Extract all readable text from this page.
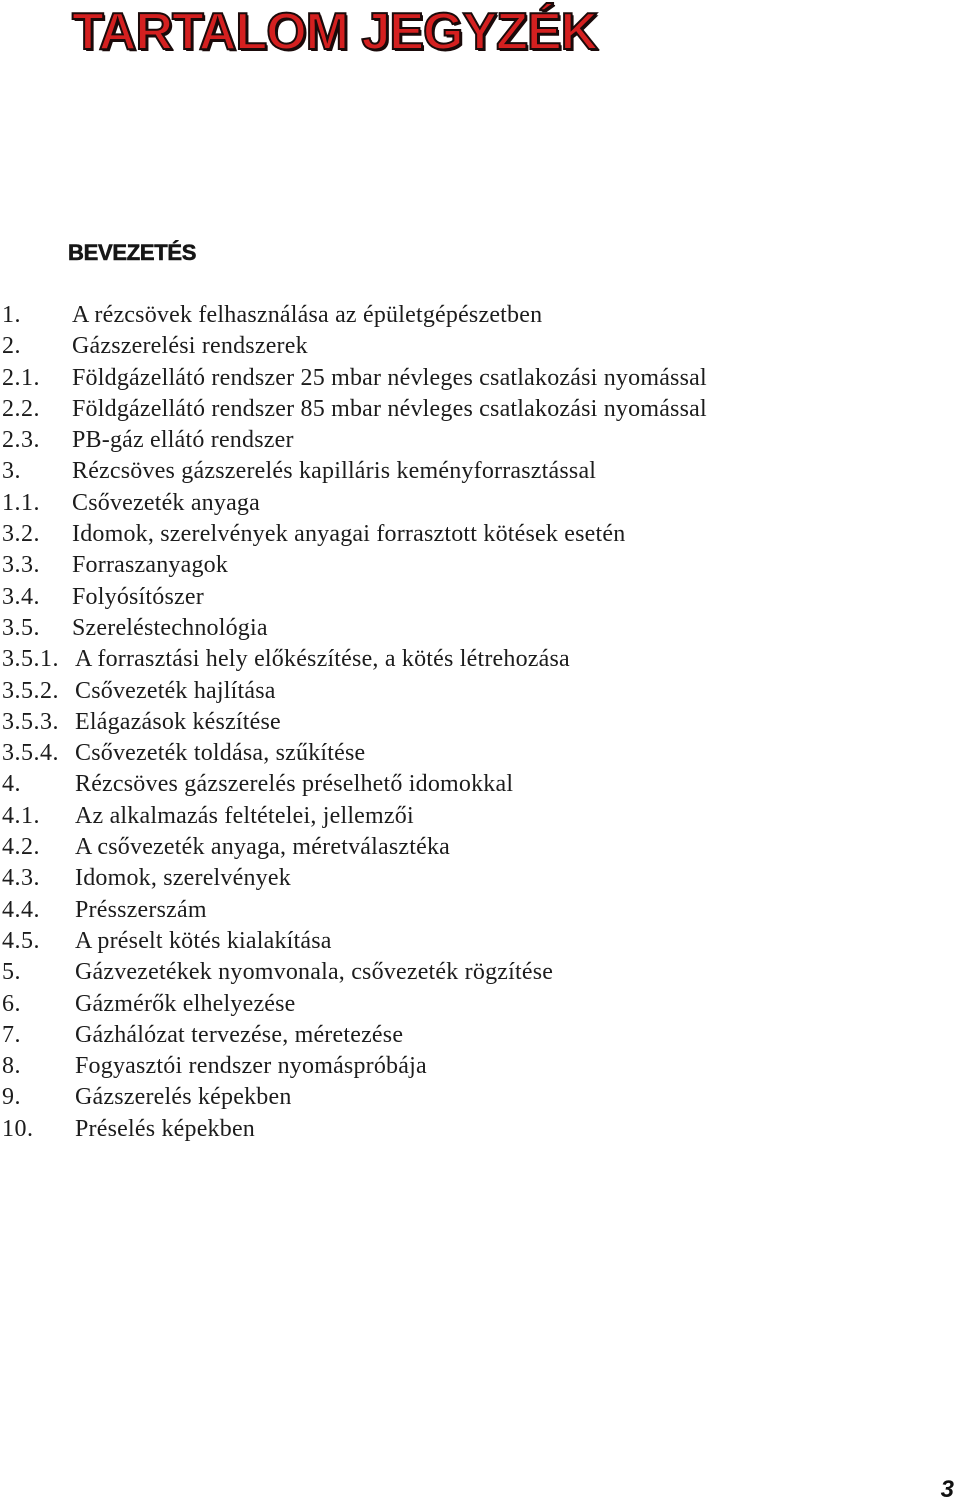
TARTALOM JEGYZÉK
BEVEZETÉS
1.	A rézcsövek felhasználása az épületgépészetben
2.	Gázszerelési rendszerek
2.1.	Földgázellátó rendszer 25 mbar névleges csatlakozási nyomással
2.2.	Földgázellátó rendszer 85 mbar névleges csatlakozási nyomással
2.3.	PB-gáz ellátó rendszer
3.	Rézcsöves gázszerelés kapilláris keményforrasztással
1.1.	Csővezeték anyaga
3.2.	Idomok, szerelvények anyagai forrasztott kötések esetén
3.3.	Forraszanyagok
3.4.	Folyósítószer
3.5.	Szereléstechnológia
3.5.1. A forrasztási hely előkészítése, a kötés létrehozása
3.5.2. Csővezeték hajlítása
3.5.3. Elágazások készítése
3.5.4. Csővezeték toldása, szűkítése
4.	Rézcsöves gázszerelés préselhető idomokkal
4.1.	Az alkalmazás feltételei, jellemzői
4.2.	A csővezeték anyaga, méretválasztéka
4.3.	Idomok, szerelvények
4.4.	Présszerszám
4.5.	A préselt kötés kialakítása
5.	Gázvezetékek nyomvonala, csővezeték rögzítése
6.	Gázmérők elhelyezése
7.	Gázhálózat tervezése, méretezése
8.	Fogyasztói rendszer nyomáspróbája
9.	Gázszerelés képekben
10.	Préselés képekben
3
